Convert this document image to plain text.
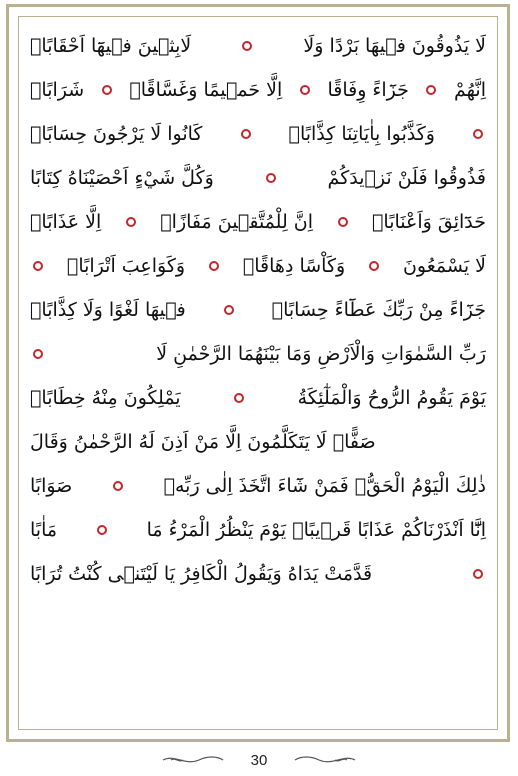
لَابِثٖينَ فٖيهَٓا اَحْقَابًاۚ	لَا يَذُوقُونَ فٖيهَا بَرْدًا وَلَا
شَرَابًاۙ اِلَّا حَمٖيمًا وَغَسَّاقًاۙ جَزَٓاءً وِفَاقًا اِنَّهُمْ
كَانُوا لَا يَرْجُونَ حِسَابًاۙ	وَكَذَّبُوا بِاٰيَاتِنَا كِذَّابًاۜ
وَكُلَّ شَيْءٍ اَحْصَيْنَاهُ كِتَابًا	فَذُوقُوا فَلَنْ نَزٖيدَكُمْ
اِلَّا عَذَابًاۚ	اِنَّ لِلْمُتَّقٖينَ مَفَازًاۙ	حَدَٓائِقَ وَاَعْنَابًاۙ
وَكَوَاعِبَ اَتْرَابًاۙ	وَكَاْسًا دِهَاقًاۜ	لَا يَسْمَعُونَ
فٖيهَا لَغْوًا وَلَا كِذَّابًاۚ	جَزَٓاءً مِنْ رَبِّكَ عَطَٓاءً حِسَابًاۙ
رَبِّ السَّمٰوَاتِ وَالْاَرْضِ وَمَا بَيْنَهُمَا الرَّحْمٰنِ لَا
يَمْلِكُونَ مِنْهُ خِطَابًاۚ	يَوْمَ يَقُومُ الرُّوحُ وَالْمَلٰٓئِكَةُ
صَفًّاۜ لَا يَتَكَلَّمُونَ اِلَّا مَنْ اَذِنَ لَهُ الرَّحْمٰنُ وَقَالَ
صَوَابًا	ذٰلِكَ الْيَوْمُ الْحَقُّۚ فَمَنْ شَٓاءَ اتَّخَذَ اِلٰى رَبِّهٖ
مَاٰبًا	اِنَّٓا اَنْذَرْنَاكُمْ عَذَابًا قَرٖيبًاۚ يَوْمَ يَنْظُرُ الْمَرْءُ مَا
قَدَّمَتْ يَدَاهُ وَيَقُولُ الْكَافِرُ يَا لَيْتَنٖى كُنْتُ تُرَابًا
30
